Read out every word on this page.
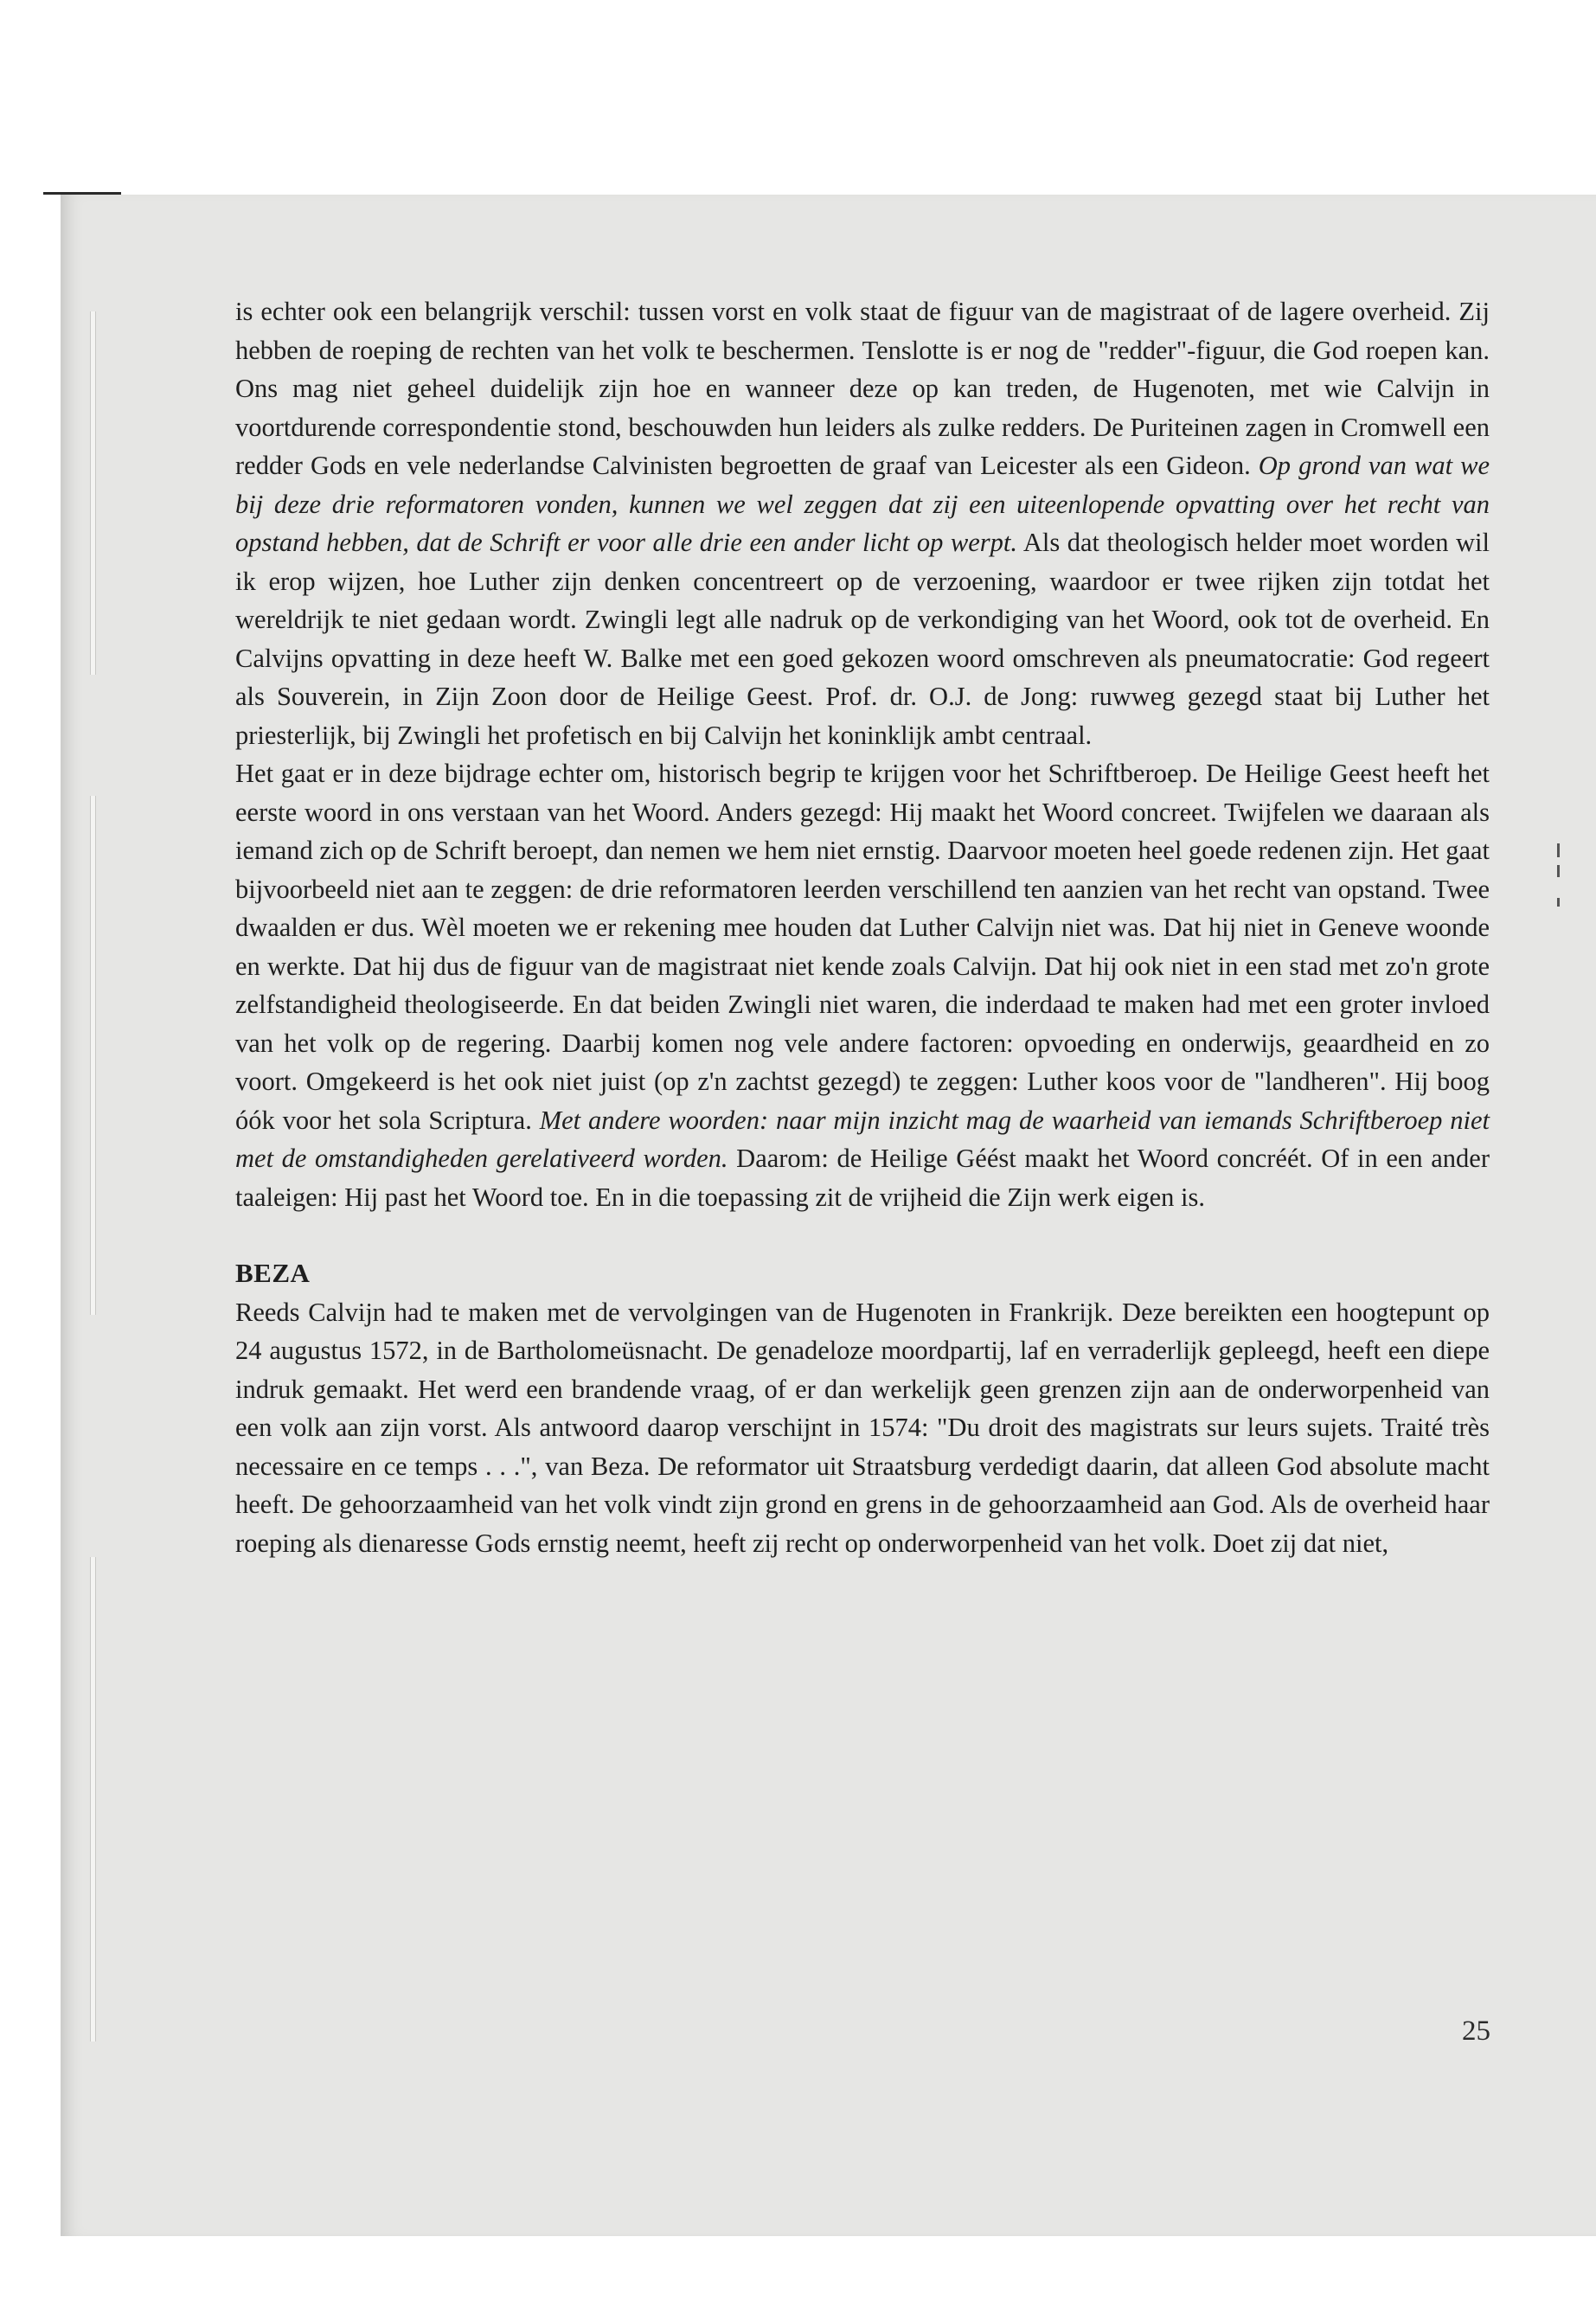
is echter ook een belangrijk verschil: tussen vorst en volk staat de figuur van de magistraat of de lagere overheid. Zij hebben de roeping de rechten van het volk te beschermen. Tenslotte is er nog de "redder"-figuur, die God roepen kan. Ons mag niet geheel duidelijk zijn hoe en wanneer deze op kan treden, de Hugenoten, met wie Calvijn in voortdurende correspondentie stond, beschouwden hun leiders als zulke redders. De Puriteinen zagen in Cromwell een redder Gods en vele nederlandse Calvinisten begroetten de graaf van Leicester als een Gideon. Op grond van wat we bij deze drie reformatoren vonden, kunnen we wel zeggen dat zij een uiteenlopende opvatting over het recht van opstand hebben, dat de Schrift er voor alle drie een ander licht op werpt. Als dat theologisch helder moet worden wil ik erop wijzen, hoe Luther zijn denken concentreert op de verzoening, waardoor er twee rijken zijn totdat het wereldrijk te niet gedaan wordt. Zwingli legt alle nadruk op de verkondiging van het Woord, ook tot de overheid. En Calvijns opvatting in deze heeft W. Balke met een goed gekozen woord omschreven als pneumatocratie: God regeert als Souverein, in Zijn Zoon door de Heilige Geest. Prof. dr. O.J. de Jong: ruwweg gezegd staat bij Luther het priesterlijk, bij Zwingli het profetisch en bij Calvijn het koninklijk ambt centraal.

Het gaat er in deze bijdrage echter om, historisch begrip te krijgen voor het Schriftberoep. De Heilige Geest heeft het eerste woord in ons verstaan van het Woord. Anders gezegd: Hij maakt het Woord concreet. Twijfelen we daaraan als iemand zich op de Schrift beroept, dan nemen we hem niet ernstig. Daarvoor moeten heel goede redenen zijn. Het gaat bijvoorbeeld niet aan te zeggen: de drie reformatoren leerden verschillend ten aanzien van het recht van opstand. Twee dwaalden er dus. Wèl moeten we er rekening mee houden dat Luther Calvijn niet was. Dat hij niet in Geneve woonde en werkte. Dat hij dus de figuur van de magistraat niet kende zoals Calvijn. Dat hij ook niet in een stad met zo'n grote zelfstandigheid theologiseerde. En dat beiden Zwingli niet waren, die inderdaad te maken had met een groter invloed van het volk op de regering. Daarbij komen nog vele andere factoren: opvoeding en onderwijs, geaardheid en zo voort. Omgekeerd is het ook niet juist (op z'n zachtst gezegd) te zeggen: Luther koos voor de "landheren". Hij boog óók voor het sola Scriptura. Met andere woorden: naar mijn inzicht mag de waarheid van iemands Schriftberoep niet met de omstandigheden gerelativeerd worden. Daarom: de Heilige Géést maakt het Woord concréét. Of in een ander taaleigen: Hij past het Woord toe. En in die toepassing zit de vrijheid die Zijn werk eigen is.

BEZA

Reeds Calvijn had te maken met de vervolgingen van de Hugenoten in Frankrijk. Deze bereikten een hoogtepunt op 24 augustus 1572, in de Bartholomeüsnacht. De genadeloze moordpartij, laf en verraderlijk gepleegd, heeft een diepe indruk gemaakt. Het werd een brandende vraag, of er dan werkelijk geen grenzen zijn aan de onderworpenheid van een volk aan zijn vorst. Als antwoord daarop verschijnt in 1574: "Du droit des magistrats sur leurs sujets. Traité très necessaire en ce temps . . .", van Beza. De reformator uit Straatsburg verdedigt daarin, dat alleen God absolute macht heeft. De gehoorzaamheid van het volk vindt zijn grond en grens in de gehoorzaamheid aan God. Als de overheid haar roeping als dienaresse Gods ernstig neemt, heeft zij recht op onderworpenheid van het volk. Doet zij dat niet,

25
